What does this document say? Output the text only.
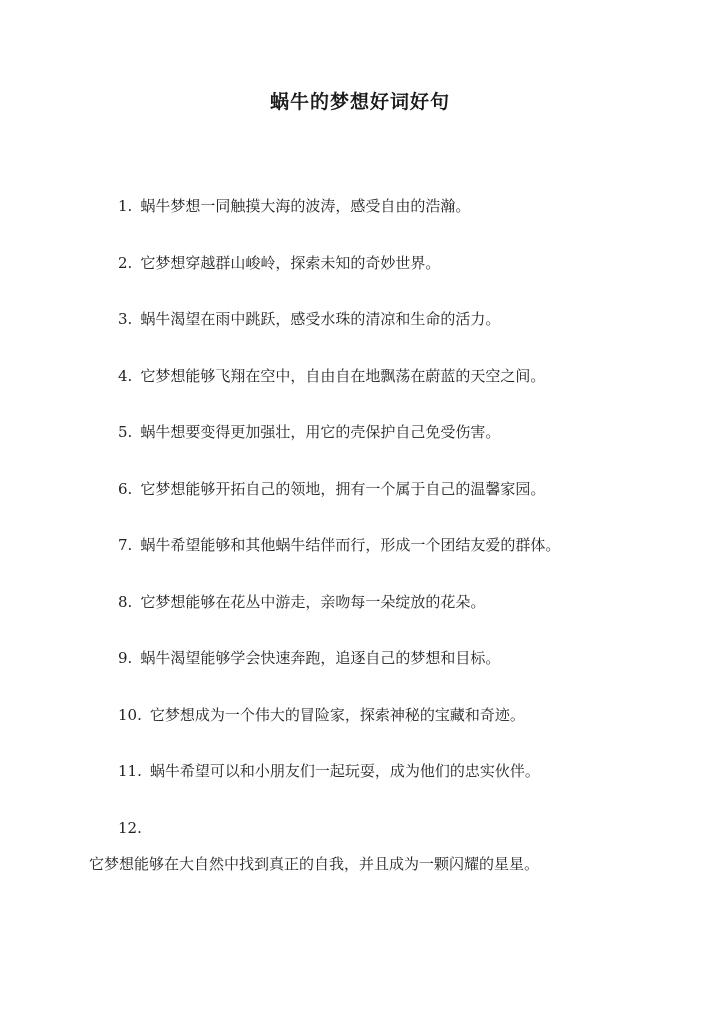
蜗牛的梦想好词好句
1. 蜗牛梦想一同触摸大海的波涛，感受自由的浩瀚。
2. 它梦想穿越群山峻岭，探索未知的奇妙世界。
3. 蜗牛渴望在雨中跳跃，感受水珠的清凉和生命的活力。
4. 它梦想能够飞翔在空中，自由自在地飘荡在蔚蓝的天空之间。
5. 蜗牛想要变得更加强壮，用它的壳保护自己免受伤害。
6. 它梦想能够开拓自己的领地，拥有一个属于自己的温馨家园。
7. 蜗牛希望能够和其他蜗牛结伴而行，形成一个团结友爱的群体。
8. 它梦想能够在花丛中游走，亲吻每一朵绽放的花朵。
9. 蜗牛渴望能够学会快速奔跑，追逐自己的梦想和目标。
10. 它梦想成为一个伟大的冒险家，探索神秘的宝藏和奇迹。
11. 蜗牛希望可以和小朋友们一起玩耍，成为他们的忠实伙伴。
12.
它梦想能够在大自然中找到真正的自我，并且成为一颗闪耀的星星。
